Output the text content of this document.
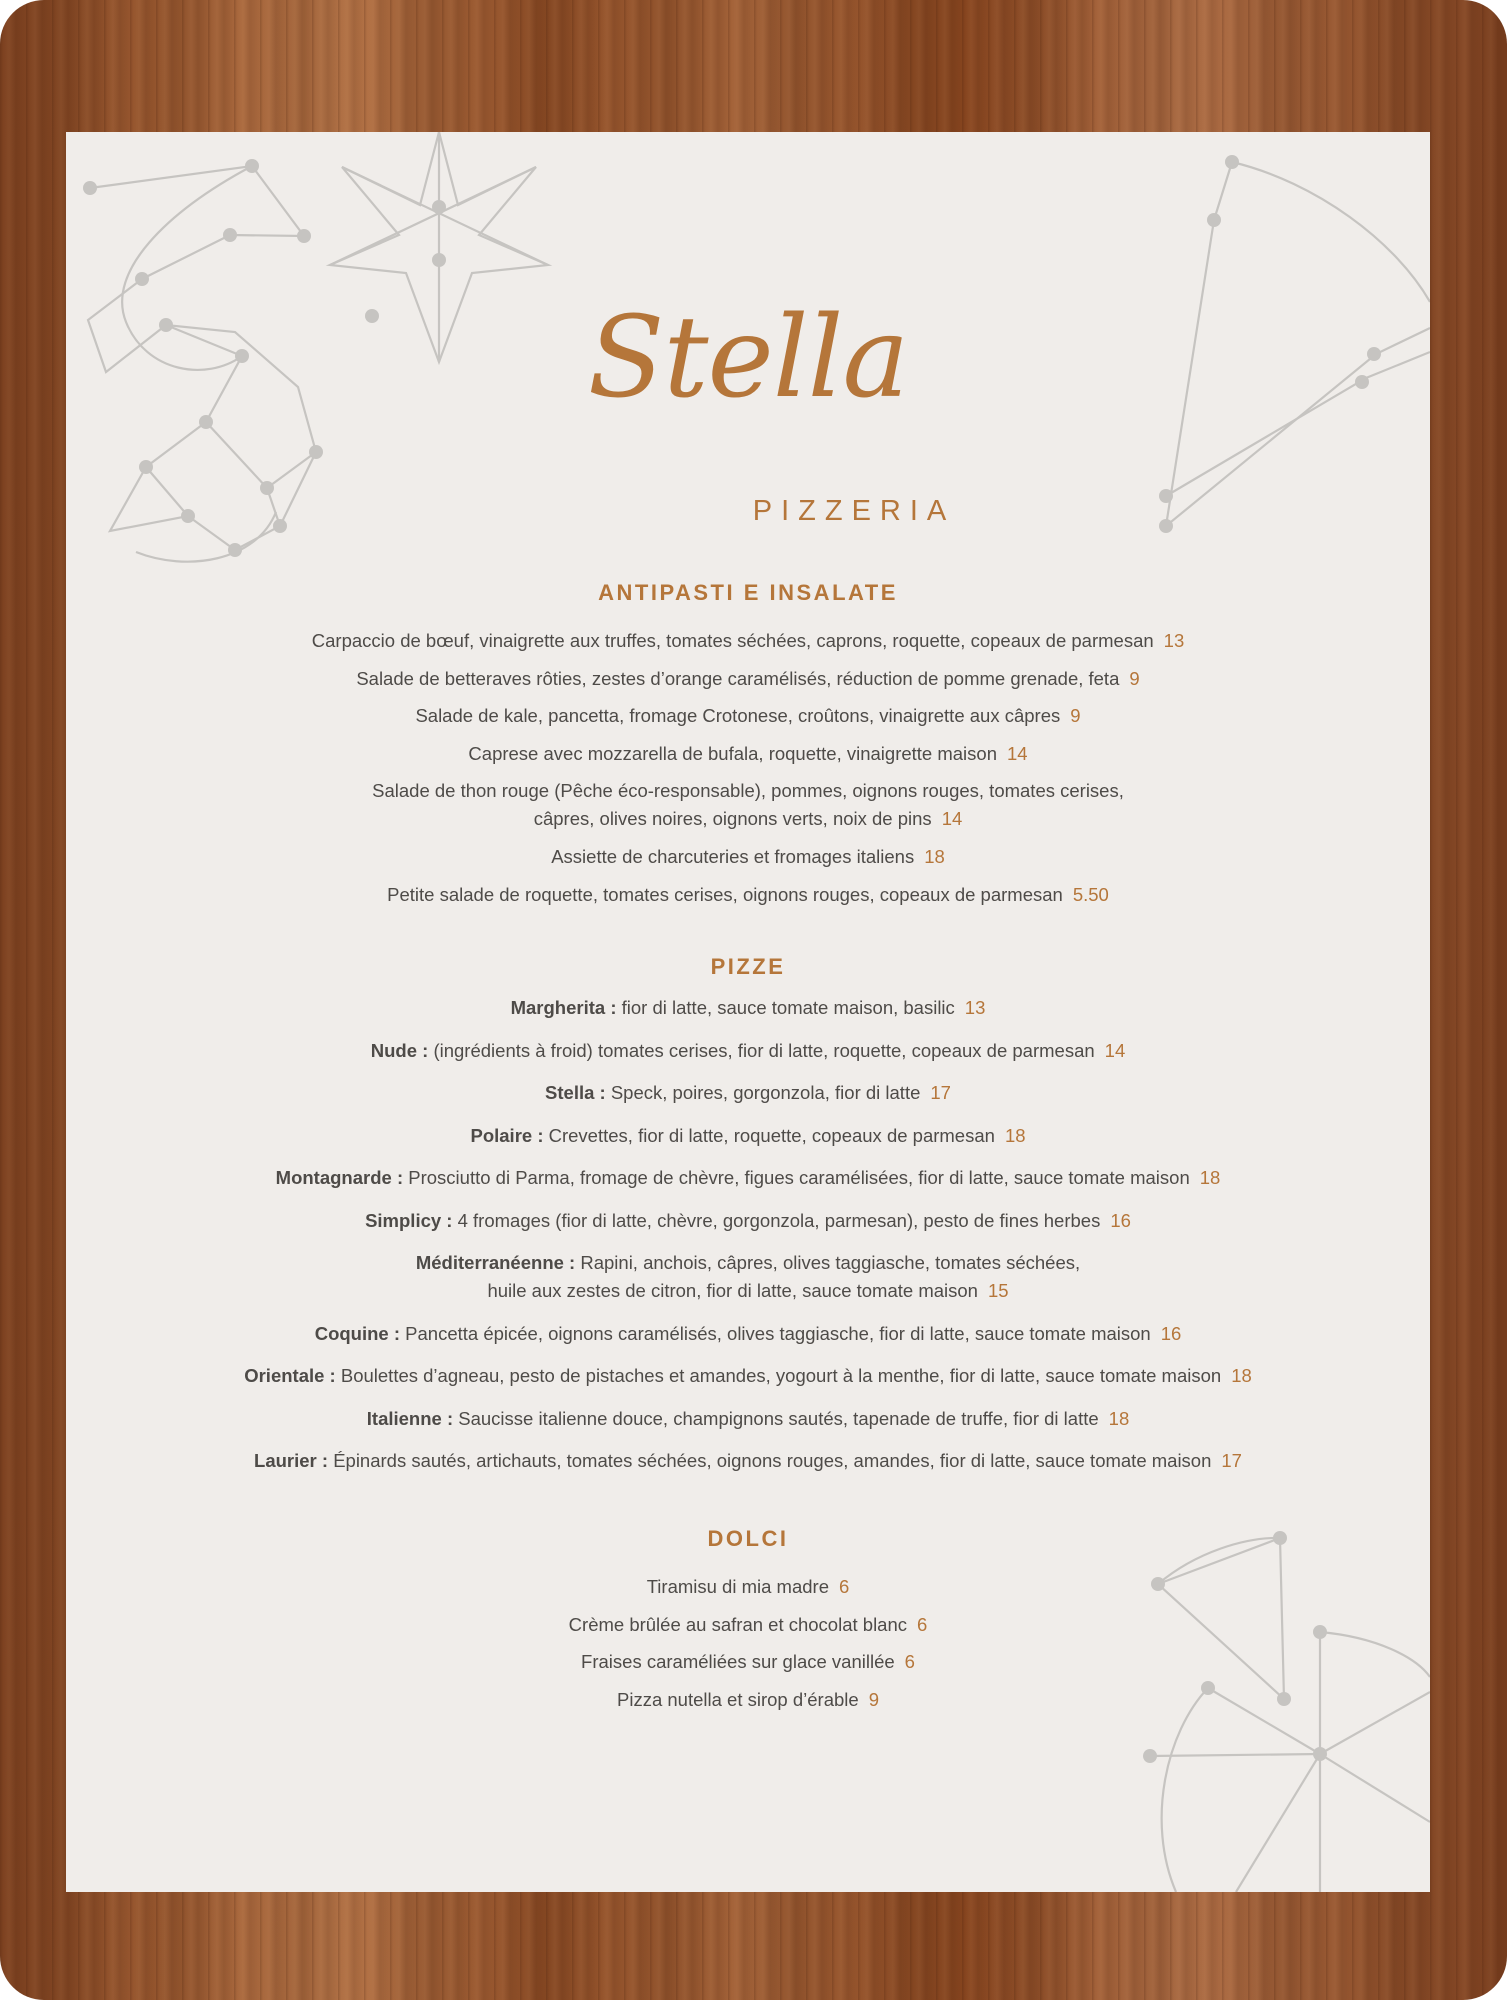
Stella
PIZZERIA
ANTIPASTI E INSALATE
Carpaccio de bœuf, vinaigrette aux truffes, tomates séchées, caprons, roquette, copeaux de parmesan 13
Salade de betteraves rôties, zestes d’orange caramélisés, réduction de pomme grenade, feta 9
Salade de kale, pancetta, fromage Crotonese, croûtons, vinaigrette aux câpres 9
Caprese avec mozzarella de bufala, roquette, vinaigrette maison 14
Salade de thon rouge (Pêche éco-responsable), pommes, oignons rouges, tomates cerises,
câpres, olives noires, oignons verts, noix de pins 14
Assiette de charcuteries et fromages italiens 18
Petite salade de roquette, tomates cerises, oignons rouges, copeaux de parmesan 5.50
PIZZE
Margherita : fior di latte, sauce tomate maison, basilic 13
Nude : (ingrédients à froid) tomates cerises, fior di latte, roquette, copeaux de parmesan 14
Stella : Speck, poires, gorgonzola, fior di latte 17
Polaire : Crevettes, fior di latte, roquette, copeaux de parmesan 18
Montagnarde : Prosciutto di Parma, fromage de chèvre, figues caramélisées, fior di latte, sauce tomate maison 18
Simplicy : 4 fromages (fior di latte, chèvre, gorgonzola, parmesan), pesto de fines herbes 16
Méditerranéenne : Rapini, anchois, câpres, olives taggiasche, tomates séchées,
huile aux zestes de citron, fior di latte, sauce tomate maison 15
Coquine : Pancetta épicée, oignons caramélisés, olives taggiasche, fior di latte, sauce tomate maison 16
Orientale : Boulettes d’agneau, pesto de pistaches et amandes, yogourt à la menthe, fior di latte, sauce tomate maison 18
Italienne : Saucisse italienne douce, champignons sautés, tapenade de truffe, fior di latte 18
Laurier : Épinards sautés, artichauts, tomates séchées, oignons rouges, amandes, fior di latte, sauce tomate maison 17
DOLCI
Tiramisu di mia madre 6
Crème brûlée au safran et chocolat blanc 6
Fraises caraméliées sur glace vanillée 6
Pizza nutella et sirop d’érable 9
